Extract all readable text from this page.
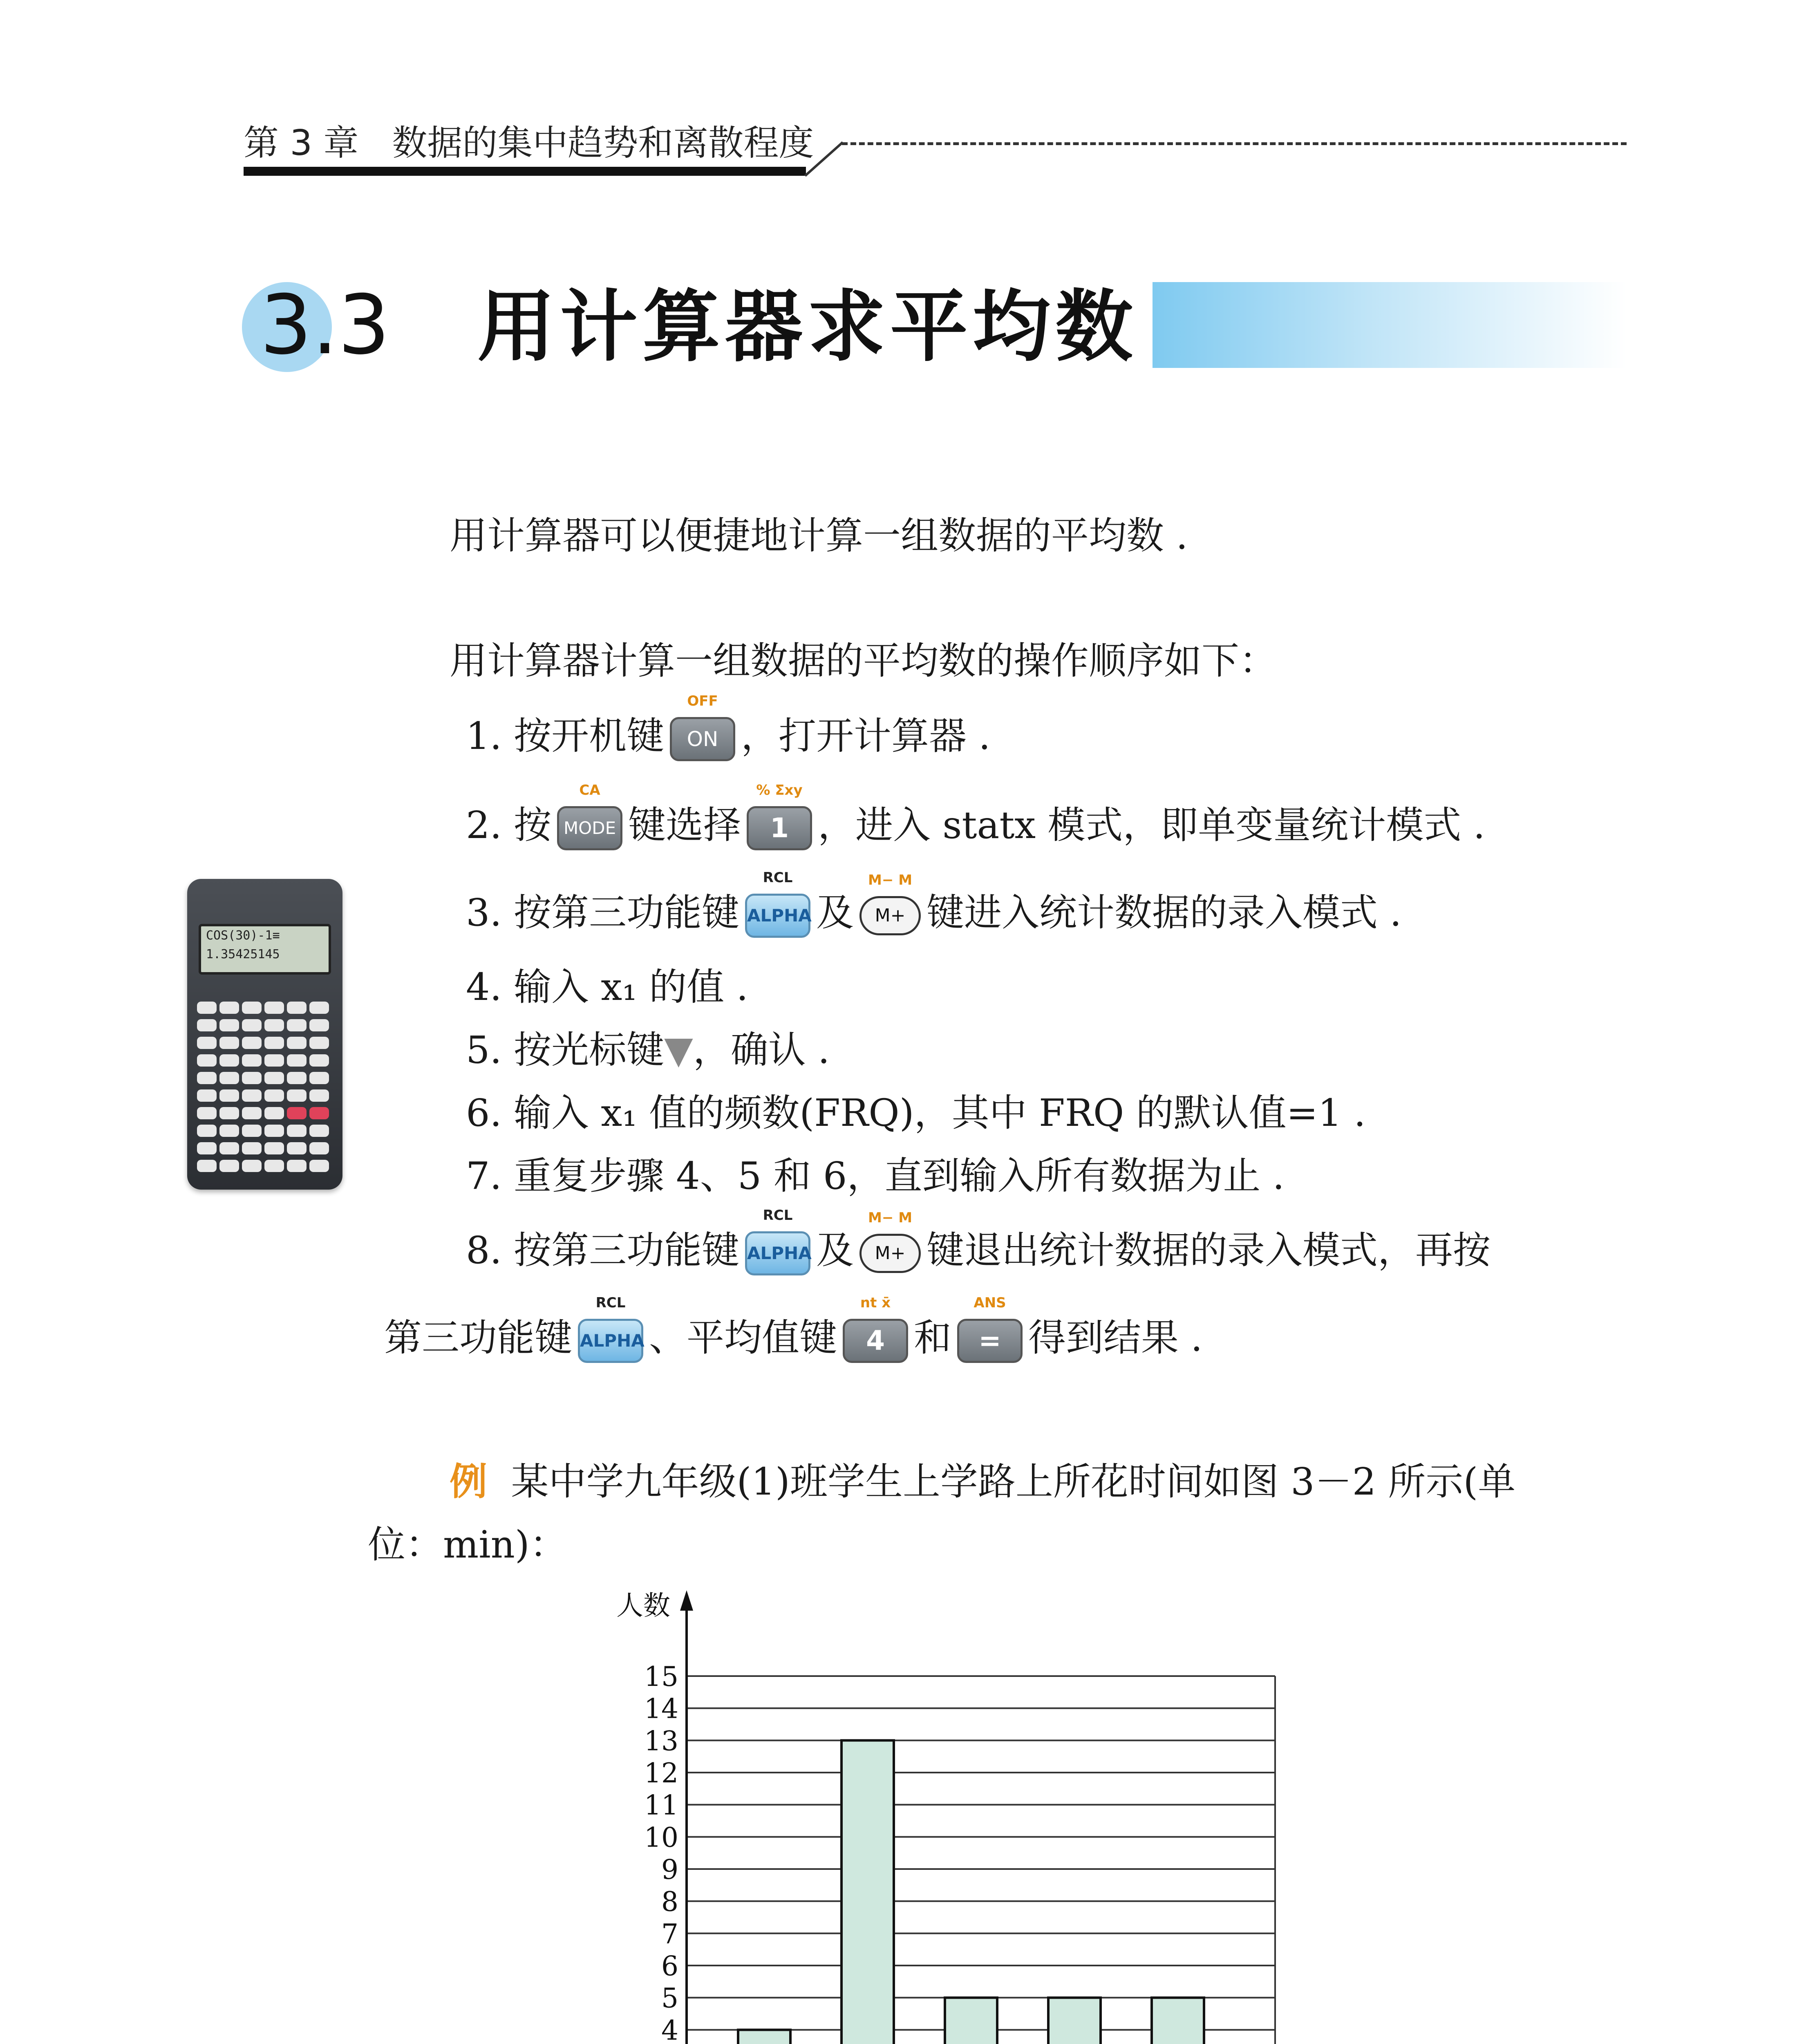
第 3 章 数据的集中趋势和离散程度
3.3 用计算器求平均数
用计算器可以便捷地计算一组数据的平均数 .
用计算器计算一组数据的平均数的操作顺序如下：
1. 按开机键
OFF
ON ，打开计算器 .
2. 按
CA
MODE 键选择
% Σxy
1 ，进入 statx 模式，即单变量统计模式 .
3. 按第三功能键
RCL
ALPHA 及
M− M
M+ 键进入统计数据的录入模式 .
4. 输入 x₁ 的值 .
5. 按光标键▼，确认 .
6. 输入 x₁ 值的频数(FRQ)，其中 FRQ 的默认值=1 .
7. 重复步骤 4、5 和 6，直到输入所有数据为止 .
8. 按第三功能键
RCL
ALPHA 及
M− M
M+ 键退出统计数据的录入模式，再按
第三功能键
RCL
ALPHA 、平均值键
nt x̄
4 和
ANS
= 得到结果 .
COS(30)-1≡
1.35425145
例 某中学九年级(1)班学生上学路上所花时间如图 3－2 所示(单
位：min)：
4
5
6
7
8
9
10
11
12
13
14
15
人数
